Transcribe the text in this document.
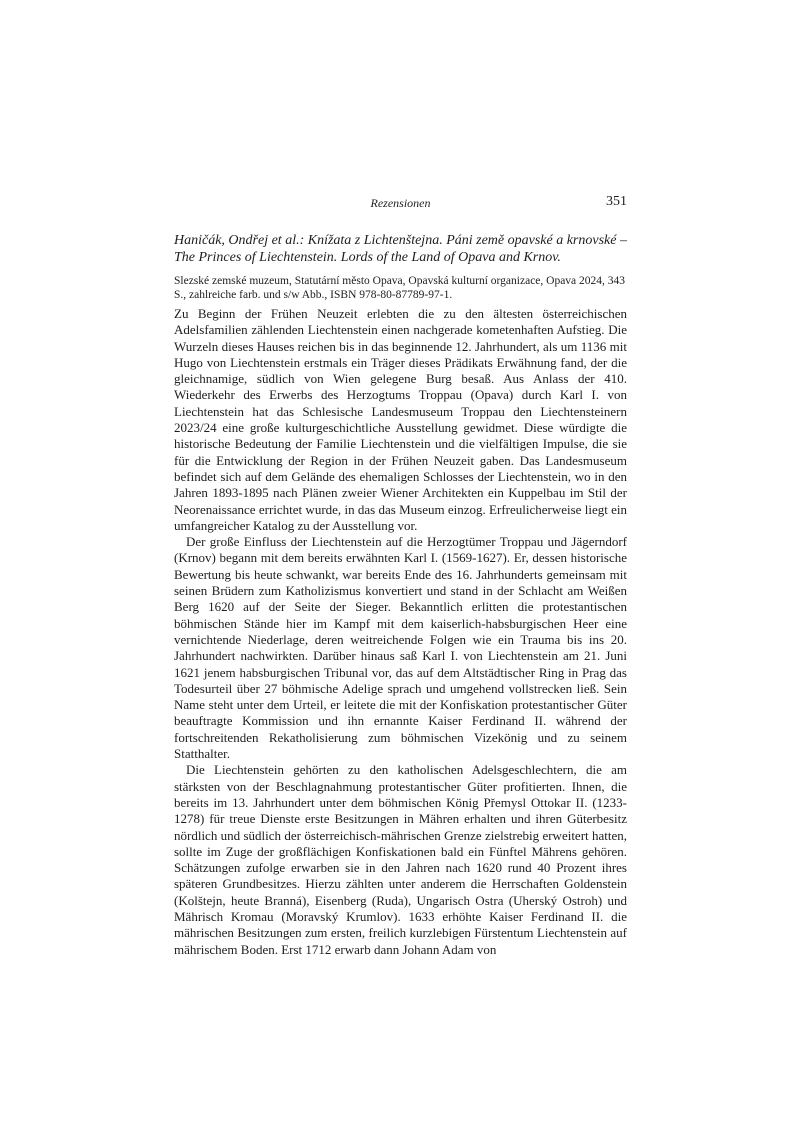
Rezensionen	351
Haničák, Ondřej et al.: Knížata z Lichtenštejna. Páni země opavské a krnovské – The Princes of Liechtenstein. Lords of the Land of Opava and Krnov.
Slezské zemské muzeum, Statutární město Opava, Opavská kulturní organizace, Opava 2024, 343 S., zahlreiche farb. und s/w Abb., ISBN 978-80-87789-97-1.

Zu Beginn der Frühen Neuzeit erlebten die zu den ältesten österreichischen Adelsfamilien zählenden Liechtenstein einen nachgerade kometenhaften Aufstieg. Die Wurzeln dieses Hauses reichen bis in das beginnende 12. Jahrhundert, als um 1136 mit Hugo von Liechtenstein erstmals ein Träger dieses Prädikats Erwähnung fand, der die gleichnamige, südlich von Wien gelegene Burg besaß. Aus Anlass der 410. Wiederkehr des Erwerbs des Herzogtums Troppau (Opava) durch Karl I. von Liechtenstein hat das Schlesische Landesmuseum Troppau den Liechtensteinern 2023/24 eine große kulturgeschichtliche Ausstellung gewidmet. Diese würdigte die historische Bedeutung der Familie Liechtenstein und die vielfältigen Impulse, die sie für die Entwicklung der Region in der Frühen Neuzeit gaben. Das Landesmuseum befindet sich auf dem Gelände des ehemaligen Schlosses der Liechtenstein, wo in den Jahren 1893-1895 nach Plänen zweier Wiener Architekten ein Kuppelbau im Stil der Neorenaissance errichtet wurde, in das das Museum einzog. Erfreulicherweise liegt ein umfangreicher Katalog zu der Ausstellung vor.

Der große Einfluss der Liechtenstein auf die Herzogtümer Troppau und Jägerndorf (Krnov) begann mit dem bereits erwähnten Karl I. (1569-1627). Er, dessen historische Bewertung bis heute schwankt, war bereits Ende des 16. Jahrhunderts gemeinsam mit seinen Brüdern zum Katholizismus konvertiert und stand in der Schlacht am Weißen Berg 1620 auf der Seite der Sieger. Bekanntlich erlitten die protestantischen böhmischen Stände hier im Kampf mit dem kaiserlich-habsburgischen Heer eine vernichtende Niederlage, deren weitreichende Folgen wie ein Trauma bis ins 20. Jahrhundert nachwirkten. Darüber hinaus saß Karl I. von Liechtenstein am 21. Juni 1621 jenem habsburgischen Tribunal vor, das auf dem Altstädtischer Ring in Prag das Todesurteil über 27 böhmische Adelige sprach und umgehend vollstrecken ließ. Sein Name steht unter dem Urteil, er leitete die mit der Konfiskation protestantischer Güter beauftragte Kommission und ihn ernannte Kaiser Ferdinand II. während der fortschreitenden Rekatholisierung zum böhmischen Vizekönig und zu seinem Statthalter.

Die Liechtenstein gehörten zu den katholischen Adelsgeschlechtern, die am stärksten von der Beschlagnahmung protestantischer Güter profitierten. Ihnen, die bereits im 13. Jahrhundert unter dem böhmischen König Přemysl Ottokar II. (1233-1278) für treue Dienste erste Besitzungen in Mähren erhalten und ihren Güterbesitz nördlich und südlich der österreichisch-mährischen Grenze zielstrebig erweitert hatten, sollte im Zuge der großflächigen Konfiskationen bald ein Fünftel Mährens gehören. Schätzungen zufolge erwarben sie in den Jahren nach 1620 rund 40 Prozent ihres späteren Grundbesitzes. Hierzu zählten unter anderem die Herrschaften Goldenstein (Kolštejn, heute Branná), Eisenberg (Ruda), Ungarisch Ostra (Uherský Ostroh) und Mährisch Kromau (Moravský Krumlov). 1633 erhöhte Kaiser Ferdinand II. die mährischen Besitzungen zum ersten, freilich kurzlebigen Fürstentum Liechtenstein auf mährischem Boden. Erst 1712 erwarb dann Johann Adam von
